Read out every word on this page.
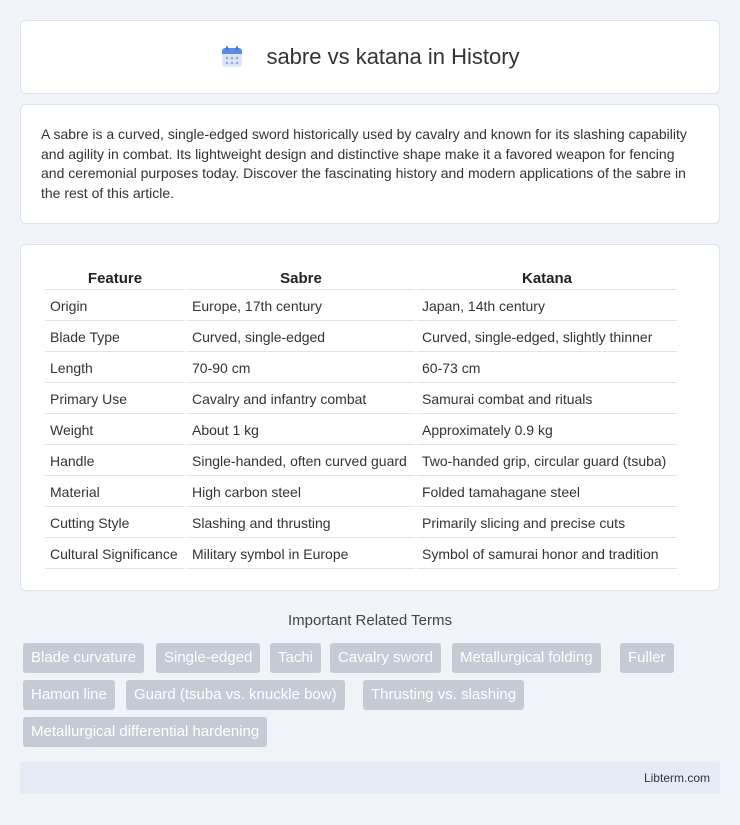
sabre vs katana in History

A sabre is a curved, single-edged sword historically used by cavalry and known for its slashing capability and agility in combat. Its lightweight design and distinctive shape make it a favored weapon for fencing and ceremonial purposes today. Discover the fascinating history and modern applications of the sabre in the rest of this article.

Feature	Sabre	Katana
Origin	Europe, 17th century	Japan, 14th century
Blade Type	Curved, single-edged	Curved, single-edged, slightly thinner
Length	70-90 cm	60-73 cm
Primary Use	Cavalry and infantry combat	Samurai combat and rituals
Weight	About 1 kg	Approximately 0.9 kg
Handle	Single-handed, often curved guard	Two-handed grip, circular guard (tsuba)
Material	High carbon steel	Folded tamahagane steel
Cutting Style	Slashing and thrusting	Primarily slicing and precise cuts
Cultural Significance	Military symbol in Europe	Symbol of samurai honor and tradition
Important Related Terms
Blade curvature	Single-edged	Tachi	Cavalry sword	Metallurgical folding	Fuller
Hamon line	Guard (tsuba vs. knuckle bow)	Thrusting vs. slashing
Metallurgical differential hardening
Libterm.com
